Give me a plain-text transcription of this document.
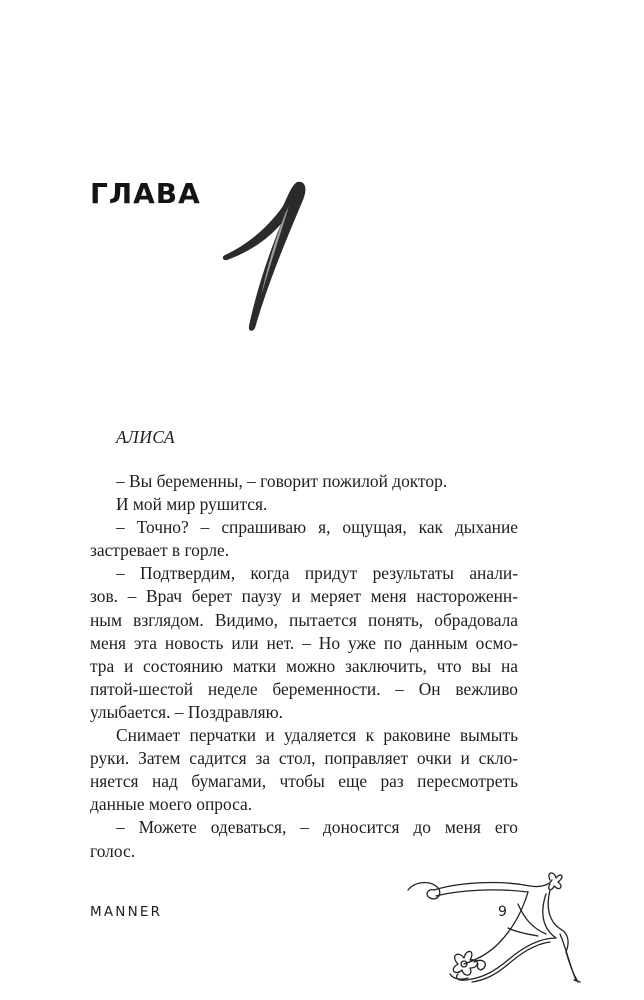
ГЛАВА

АЛИСА

– Вы беременны, – говорит пожилой доктор.
И мой мир рушится.
– Точно? – спрашиваю я, ощущая, как дыхание
застревает в горле.
– Подтвердим, когда придут результаты анали-
зов. – Врач берет паузу и меряет меня настороженн-
ным взглядом. Видимо, пытается понять, обрадовала
меня эта новость или нет. – Но уже по данным осмо-
тра и состоянию матки можно заключить, что вы на
пятой-шестой неделе беременности. – Он вежливо
улыбается. – Поздравляю.
Снимает перчатки и удаляется к раковине вымыть
руки. Затем садится за стол, поправляет очки и скло-
няется над бумагами, чтобы еще раз пересмотреть
данные моего опроса.
– Можете одеваться, – доносится до меня его
голос.

MANNER	9
